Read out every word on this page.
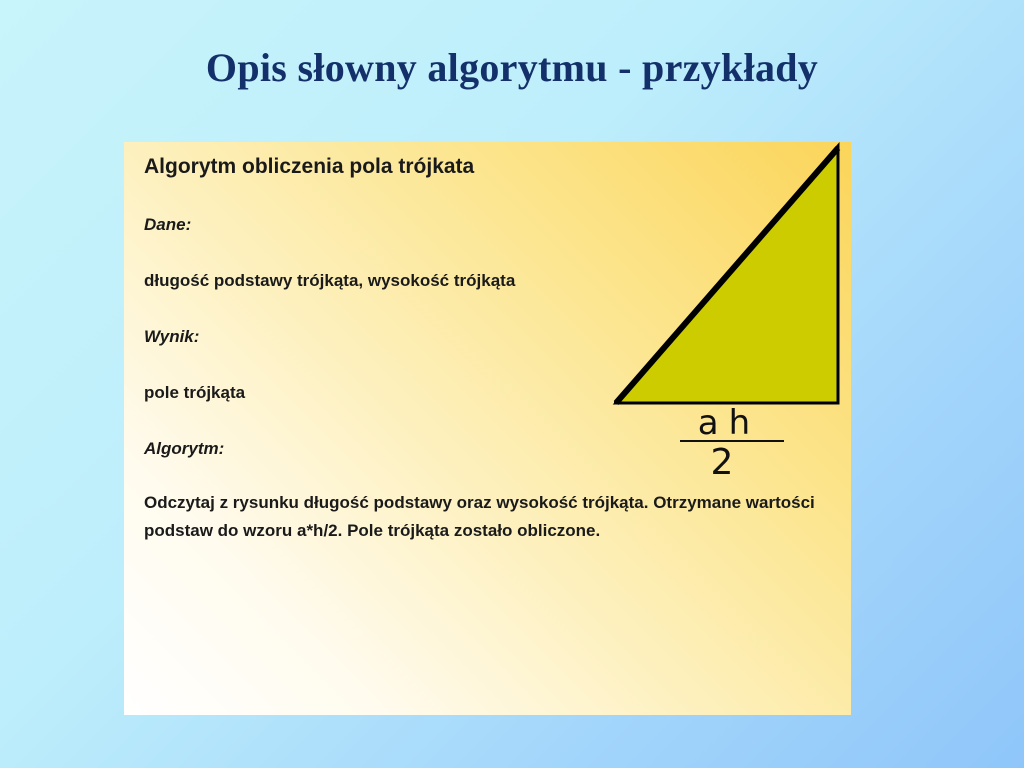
Opis słowny algorytmu - przykłady
Algorytm obliczenia pola trójkata
Dane:
długość podstawy trójkąta, wysokość trójkąta
Wynik:
pole trójkąta
Algorytm:

Odczytaj z rysunku długość podstawy oraz wysokość trójkąta. Otrzymane wartości podstaw do wzoru a*h/2. Pole trójkąta zostało obliczone.

ah
2
